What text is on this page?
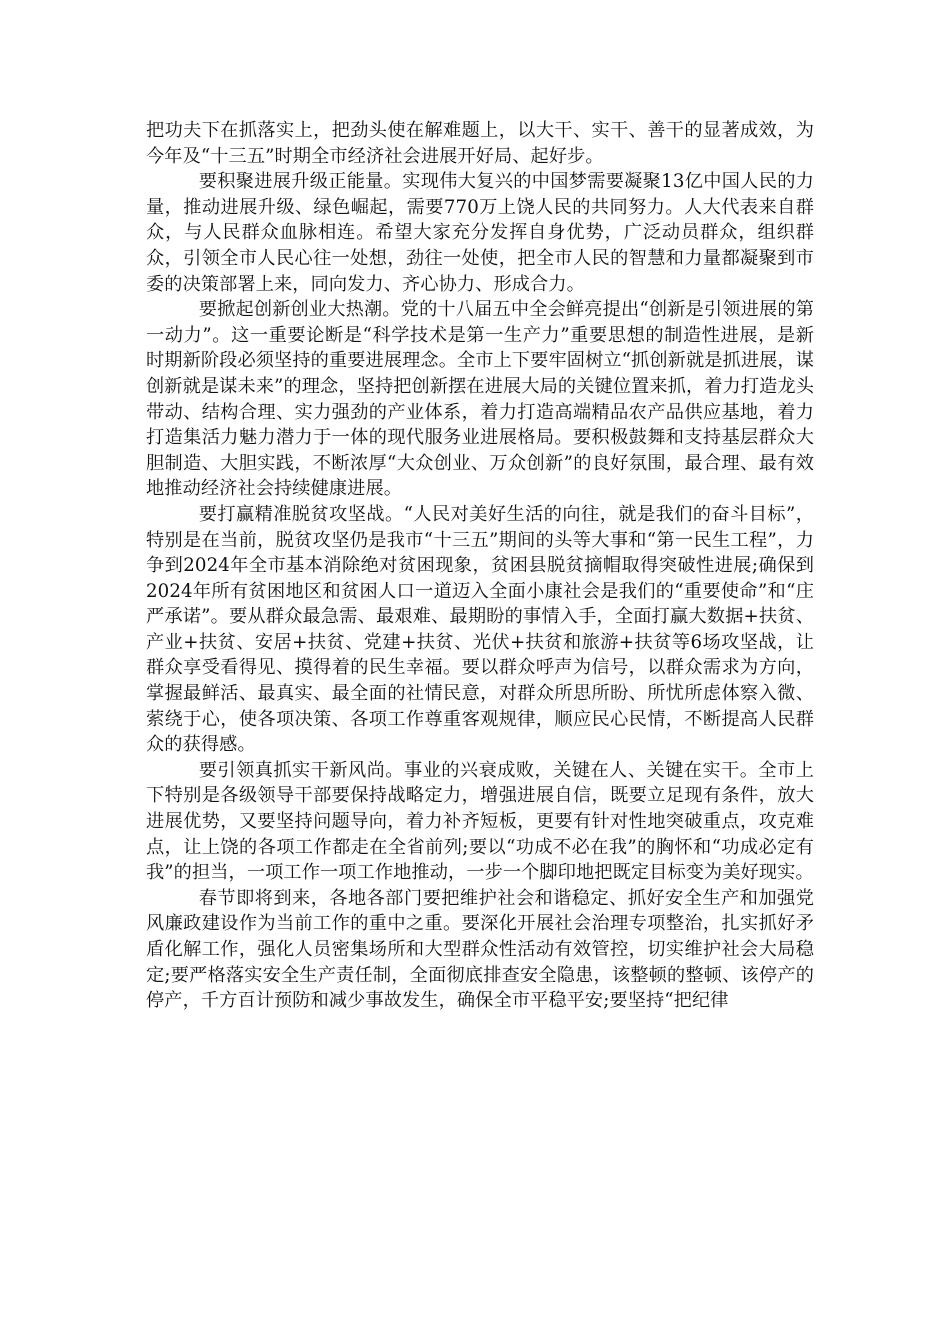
把功夫下在抓落实上，把劲头使在解难题上，以大干、实干、善干的显著成效，为今年及“十三五”时期全市经济社会进展开好局、起好步。

要积聚进展升级正能量。实现伟大复兴的中国梦需要凝聚13亿中国人民的力量，推动进展升级、绿色崛起，需要770万上饶人民的共同努力。人大代表来自群众，与人民群众血脉相连。希望大家充分发挥自身优势，广泛动员群众，组织群众，引领全市人民心往一处想，劲往一处使，把全市人民的智慧和力量都凝聚到市委的决策部署上来，同向发力、齐心协力、形成合力。

要掀起创新创业大热潮。党的十八届五中全会鲜亮提出“创新是引领进展的第一动力”。这一重要论断是“科学技术是第一生产力”重要思想的制造性进展，是新时期新阶段必须坚持的重要进展理念。全市上下要牢固树立“抓创新就是抓进展，谋创新就是谋未来”的理念，坚持把创新摆在进展大局的关键位置来抓，着力打造龙头带动、结构合理、实力强劲的产业体系，着力打造高端精品农产品供应基地，着力打造集活力魅力潜力于一体的现代服务业进展格局。要积极鼓舞和支持基层群众大胆制造、大胆实践，不断浓厚“大众创业、万众创新”的良好氛围，最合理、最有效地推动经济社会持续健康进展。

要打赢精准脱贫攻坚战。“人民对美好生活的向往，就是我们的奋斗目标”，特别是在当前，脱贫攻坚仍是我市“十三五”期间的头等大事和“第一民生工程”，力争到2024年全市基本消除绝对贫困现象，贫困县脱贫摘帽取得突破性进展;确保到2024年所有贫困地区和贫困人口一道迈入全面小康社会是我们的“重要使命”和“庄严承诺”。要从群众最急需、最艰难、最期盼的事情入手，全面打赢大数据+扶贫、产业+扶贫、安居+扶贫、党建+扶贫、光伏+扶贫和旅游+扶贫等6场攻坚战，让群众享受看得见、摸得着的民生幸福。要以群众呼声为信号，以群众需求为方向，掌握最鲜活、最真实、最全面的社情民意，对群众所思所盼、所忧所虑体察入微、萦绕于心，使各项决策、各项工作尊重客观规律，顺应民心民情，不断提高人民群众的获得感。

要引领真抓实干新风尚。事业的兴衰成败，关键在人、关键在实干。全市上下特别是各级领导干部要保持战略定力，增强进展自信，既要立足现有条件，放大进展优势，又要坚持问题导向，着力补齐短板，更要有针对性地突破重点，攻克难点，让上饶的各项工作都走在全省前列;要以“功成不必在我”的胸怀和“功成必定有我”的担当，一项工作一项工作地推动，一步一个脚印地把既定目标变为美好现实。

春节即将到来，各地各部门要把维护社会和谐稳定、抓好安全生产和加强党风廉政建设作为当前工作的重中之重。要深化开展社会治理专项整治，扎实抓好矛盾化解工作，强化人员密集场所和大型群众性活动有效管控，切实维护社会大局稳定;要严格落实安全生产责任制，全面彻底排查安全隐患，该整顿的整顿、该停产的停产，千方百计预防和减少事故发生，确保全市平稳平安;要坚持“把纪律
